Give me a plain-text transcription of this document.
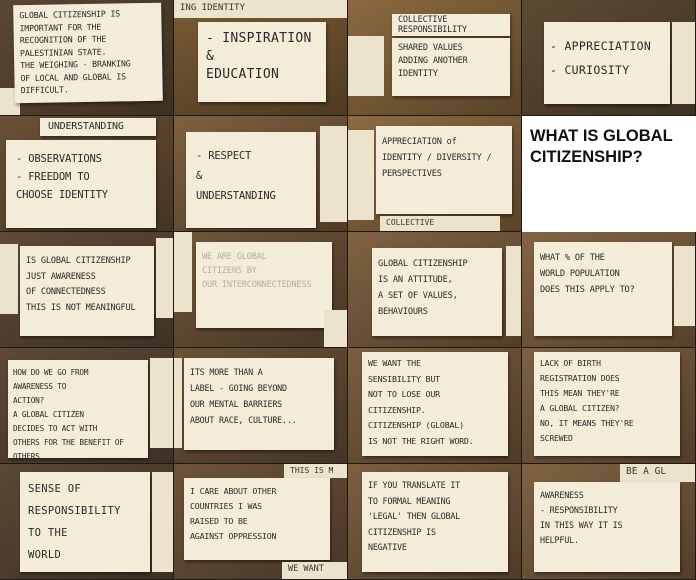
GLOBAL CITIZENSHIP IS
IMPORTANT FOR THE
RECOGNITION OF THE
PALESTINIAN STATE.
THE WEIGHING - BRANKING
OF LOCAL AND GLOBAL IS
DIFFICULT.
ING IDENTITY
- INSPIRATION
&
EDUCATION
COLLECTIVE
RESPONSIBILITY
SHARED VALUES
ADDING ANOTHER
IDENTITY
- APPRECIATION
- CURIOSITY
UNDERSTANDING
- OBSERVATIONS
- FREEDOM TO
CHOOSE IDENTITY
- RESPECT
&
UNDERSTANDING
APPRECIATION of
IDENTITY / DIVERSITY /
PERSPECTIVES
COLLECTIVE
WHAT IS GLOBAL
CITIZENSHIP?
IS GLOBAL CITIZENSHIP
JUST AWARENESS
OF CONNECTEDNESS
THIS IS NOT MEANINGFUL
WE ARE GLOBAL
CITIZENS BY
OUR INTERCONNECTEDNESS
GLOBAL CITIZENSHIP
IS AN ATTITUDE,
A SET OF VALUES,
BEHAVIOURS
WHAT % OF THE
WORLD POPULATION
DOES THIS APPLY TO?
HOW DO WE GO FROM
AWARENESS TO
ACTION?
A GLOBAL CITIZEN
DECIDES TO ACT WITH
OTHERS FOR THE BENEFIT OF OTHERS
ITS MORE THAN A
LABEL - GOING BEYOND
OUR MENTAL BARRIERS
ABOUT RACE, CULTURE...
WE WANT THE
SENSIBILITY BUT
NOT TO LOSE OUR
CITIZENSHIP.
CITIZENSHIP (GLOBAL)
IS NOT THE RIGHT WORD.
LACK OF BIRTH
REGISTRATION DOES
THIS MEAN THEY'RE
A GLOBAL CITIZEN?
NO, IT MEANS THEY'RE
SCREWED
SENSE OF
RESPONSIBILITY
TO THE
WORLD
THIS IS M
I CARE ABOUT OTHER
COUNTRIES I WAS
RAISED TO BE
AGAINST OPPRESSION
WE WANT
IF YOU TRANSLATE IT
TO FORMAL MEANING
'LEGAL' THEN GLOBAL
CITIZENSHIP IS
NEGATIVE
BE A GL
AWARENESS
- RESPONSIBILITY
IN THIS WAY IT IS
HELPFUL.
